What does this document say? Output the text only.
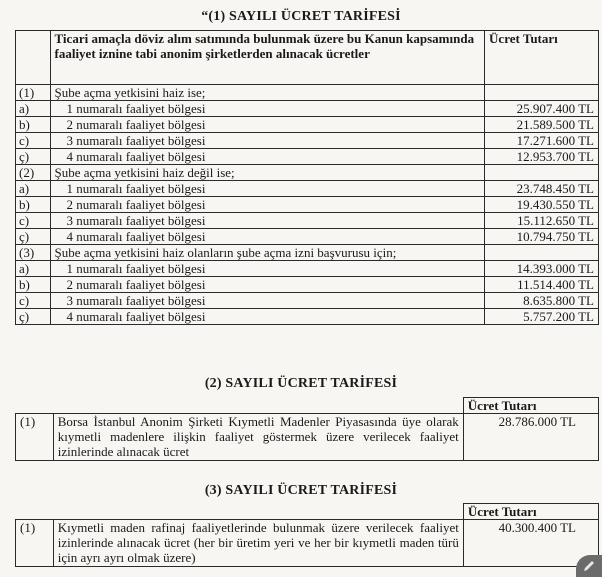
“(1) SAYILI ÜCRET TARİFESİ
	Ticari amaçla döviz alım satımında bulunmak üzere bu Kanun kapsamında faaliyet iznine tabi anonim şirketlerden alınacak ücretler	Ücret Tutarı
(1)	Şube açma yetkisini haiz ise;	
a)	1 numaralı faaliyet bölgesi	25.907.400 TL
b)	2 numaralı faaliyet bölgesi	21.589.500 TL
c)	3 numaralı faaliyet bölgesi	17.271.600 TL
ç)	4 numaralı faaliyet bölgesi	12.953.700 TL
(2)	Şube açma yetkisini haiz değil ise;	
a)	1 numaralı faaliyet bölgesi	23.748.450 TL
b)	2 numaralı faaliyet bölgesi	19.430.550 TL
c)	3 numaralı faaliyet bölgesi	15.112.650 TL
ç)	4 numaralı faaliyet bölgesi	10.794.750 TL
(3)	Şube açma yetkisini haiz olanların şube açma izni başvurusu için;	
a)	1 numaralı faaliyet bölgesi	14.393.000 TL
b)	2 numaralı faaliyet bölgesi	11.514.400 TL
c)	3 numaralı faaliyet bölgesi	8.635.800 TL
ç)	4 numaralı faaliyet bölgesi	5.757.200 TL
(2) SAYILI ÜCRET TARİFESİ
		Ücret Tutarı
(1)	Borsa İstanbul Anonim Şirketi Kıymetli Madenler Piyasasında üye olarak kıymetli madenlere ilişkin faaliyet göstermek üzere verilecek faaliyet izinlerinde alınacak ücret	28.786.000 TL
(3) SAYILI ÜCRET TARİFESİ
		Ücret Tutarı
(1)	Kıymetli maden rafinaj faaliyetlerinde bulunmak üzere verilecek faaliyet izinlerinde alınacak ücret (her bir üretim yeri ve her bir kıymetli maden türü için ayrı ayrı olmak üzere)	40.300.400 TL
